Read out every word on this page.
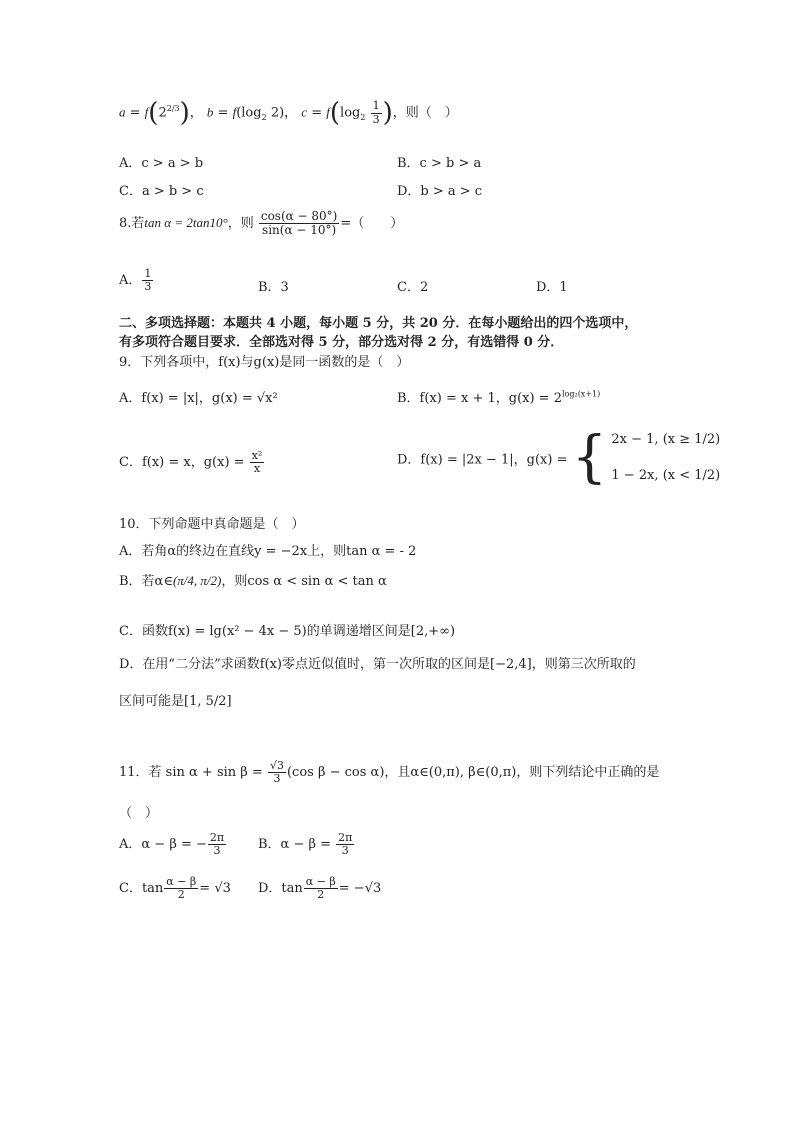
$a = f(2^{2/3})$， $b = f(\log_2$ 2)， $c = f(\log_2 \frac{1}{3}$ )，则（　）
A．c > a > b	B．c > b > a
C．a > b > c	D．b > a > c
8.若tan α = 2tan10°，则 $\frac{\cos(\alpha - 80^\circ)}{\sin(\alpha - 10^\circ)}$ =（　　）
A． $\frac{1}{3}$	B．3	C．2	D．1
二、多项选择题：本题共 4 小题，每小题 5 分，共 20 分．在每小题给出的四个选项中，
有多项符合题目要求．全部选对得 5 分，部分选对得 2 分，有选错得 0 分．
9．下列各项中，f(x)与g(x)是同一函数的是（　）
A．f(x) = |x|，g(x) = √x²	B．f(x) = x + 1，$g(x) = 2^{log_2(x+1)}$
C．f(x) = x，$g(x) = \frac{\text{x²}}{x}$	D．f(x) = |2x − 1|，g(x) = { 2x − 1, (x ≥ 1/2)
1 − 2x, (x < 1/2)
10．下列命题中真命题是（　）
A．若角α的终边在直线y = −2x上，则tan α = - 2
B．若α∈(π/4, π/2)，则cos α < sin α < tan α
C．函数f(x) = lg(x² − 4x − 5)的单调递增区间是[2,+∞)
D．在用“二分法”求函数f(x)零点近似值时，第一次所取的区间是[−2,4]，则第三次所取的
区间可能是[1, 5/2]
11．若 $\sin \alpha + \sin \beta = \frac{√3}{3} (\cos$ β − cos α)，且α∈(0,π), β∈(0,π)，则下列结论中正确的是
（　）
A．α − β = − $\frac{2\pi}{3}$ B．$\alpha - \beta = \frac{2\pi}{3}$
C．$\tan \frac{\alpha - \beta}{2} = √3$ D．$\tan \frac{\alpha - \beta}{2} = -√3$
